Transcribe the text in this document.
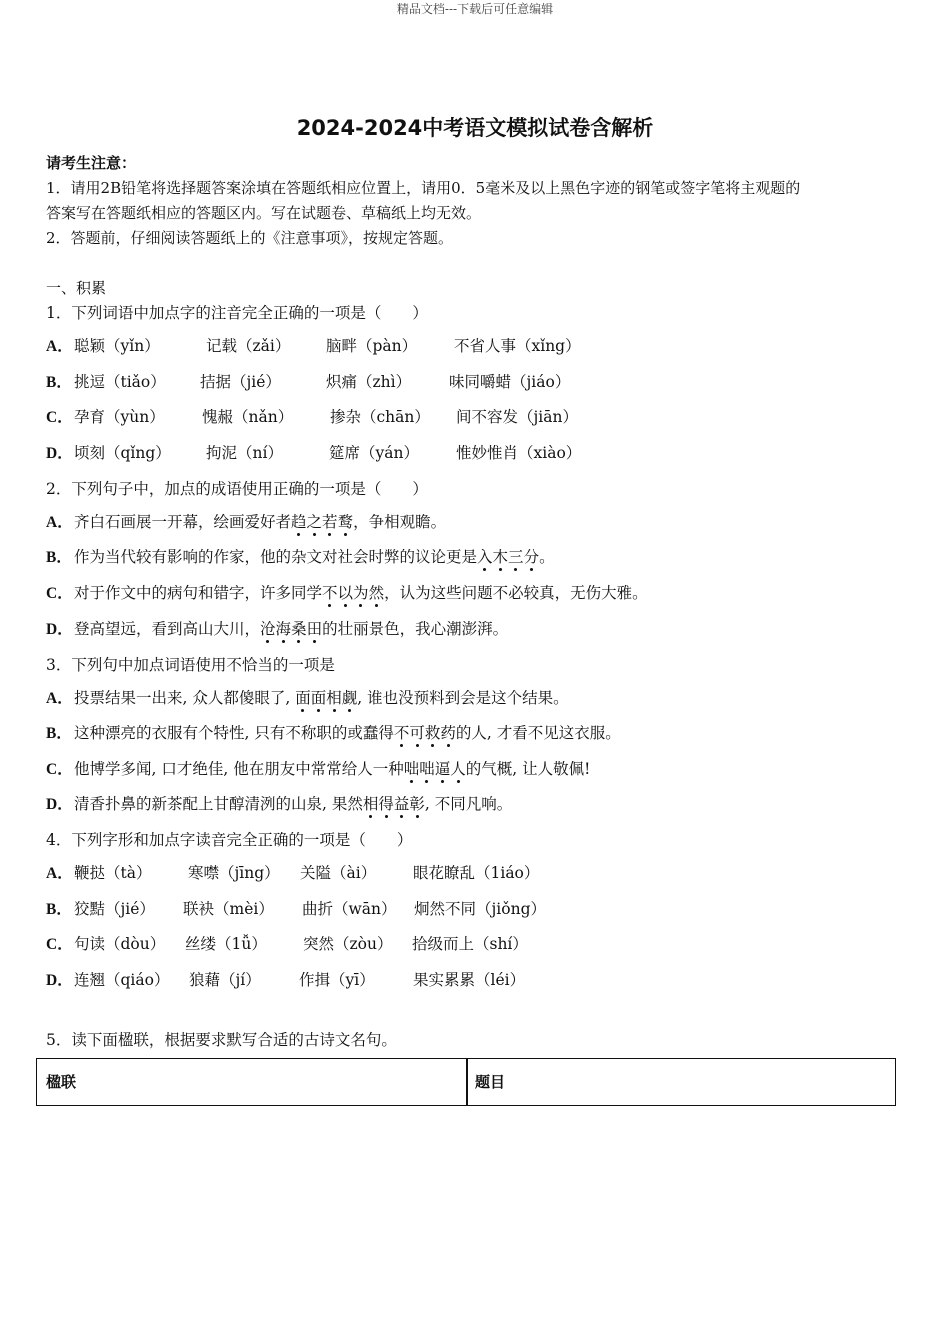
精品文档---下载后可任意编辑
2024-2024中考语文模拟试卷含解析
请考生注意：
1．请用2B铅笔将选择题答案涂填在答题纸相应位置上，请用0．5毫米及以上黑色字迹的钢笔或签字笔将主观题的
答案写在答题纸相应的答题区内。写在试题卷、草稿纸上均无效。
2．答题前，仔细阅读答题纸上的《注意事项》，按规定答题。
一、积累
1．下列词语中加点字的注音完全正确的一项是（　　）
A． 聪颖（yǐn）	记载（zǎi） 脑畔（pàn） 不省人事（xǐng）
B． 挑逗（tiǎo） 拮据（jié）	炽痛（zhì） 味同嚼蜡（jiáo）
C． 孕育（yùn） 愧赧（nǎn） 掺杂（chān） 间不容发（jiān）
D． 顷刻（qǐng） 拘泥（ní）	筵席（yán） 惟妙惟肖（xiào）
2．下列句子中，加点的成语使用正确的一项是（　　）
A． 齐白石画展一开幕，绘画爱好者趋之若鹜，争相观瞻。
B． 作为当代较有影响的作家，他的杂文对社会时弊的议论更是入木三分。
C． 对于作文中的病句和错字，许多同学不以为然，认为这些问题不必较真，无伤大雅。
D． 登高望远，看到高山大川，沧海桑田的壮丽景色，我心潮澎湃。
3．下列句中加点词语使用不恰当的一项是
A． 投票结果一出来, 众人都傻眼了, 面面相觑, 谁也没预料到会是这个结果。
B． 这种漂亮的衣服有个特性, 只有不称职的或蠢得不可救药的人, 才看不见这衣服。
C． 他博学多闻, 口才绝佳, 他在朋友中常常给人一种咄咄逼人的气概, 让人敬佩!
D． 清香扑鼻的新茶配上甘醇清洌的山泉, 果然相得益彰, 不同凡响。
4．下列字形和加点字读音完全正确的一项是（　　）
A． 鞭挞（tà） 寒噤（jīng） 关隘（ài） 眼花瞭乱（1iáo）
B． 狡黠（jié） 联袂（mèi） 曲折（wān） 炯然不同（jiǒng）
C． 句读（dòu） 丝缕（1ǚ） 突然（zòu） 拾级而上（shí）
D． 连翘（qiáo） 狼藉（jí） 作揖（yī） 果实累累（léi）
5．读下面楹联，根据要求默写合适的古诗文名句。
楹联	题目
